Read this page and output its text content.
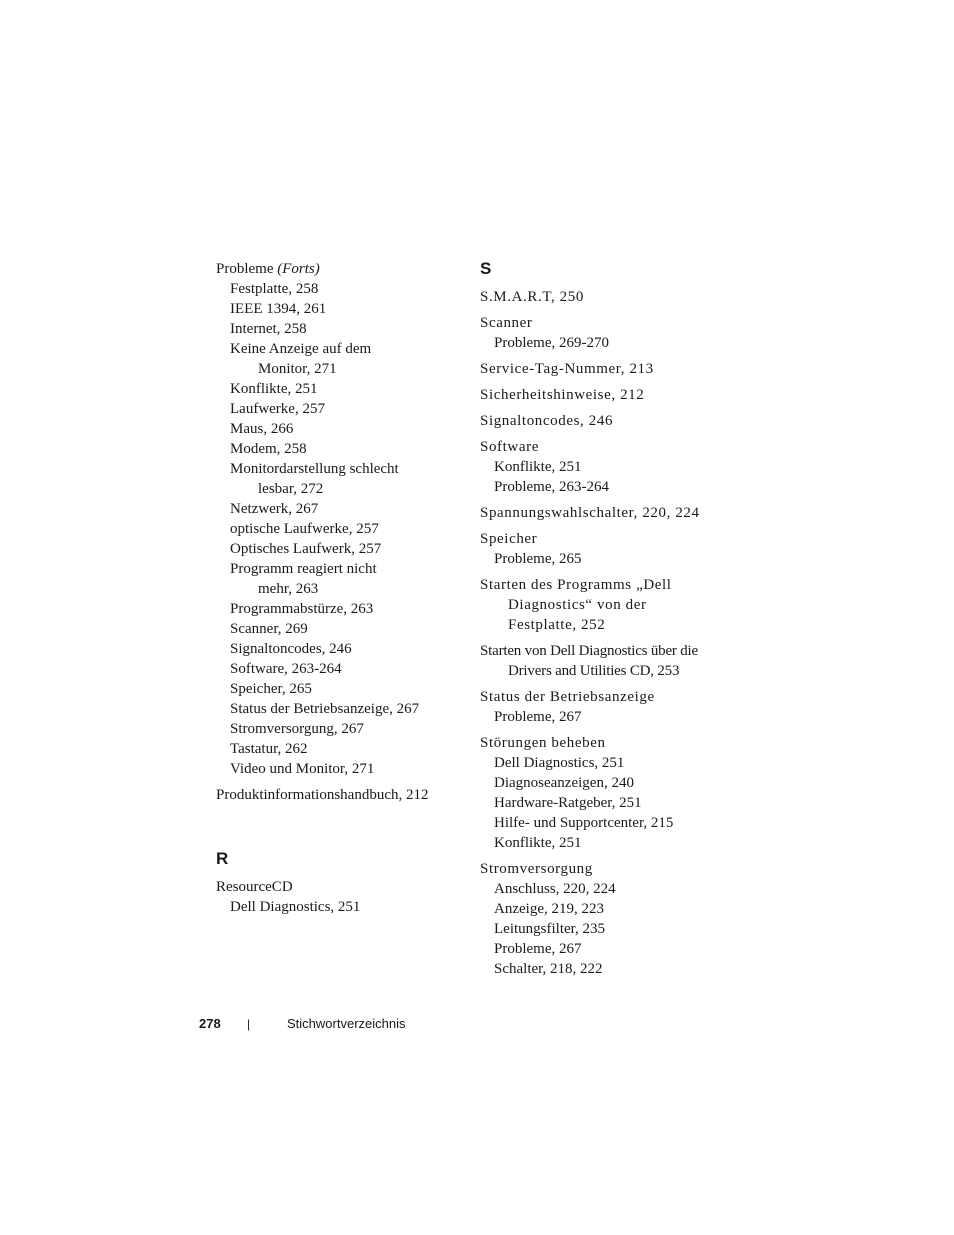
Probleme (Forts)
Festplatte, 258
IEEE 1394, 261
Internet, 258
Keine Anzeige auf dem
Monitor, 271
Konflikte, 251
Laufwerke, 257
Maus, 266
Modem, 258
Monitordarstellung schlecht
lesbar, 272
Netzwerk, 267
optische Laufwerke, 257
Optisches Laufwerk, 257
Programm reagiert nicht
mehr, 263
Programmabstürze, 263
Scanner, 269
Signaltoncodes, 246
Software, 263-264
Speicher, 265
Status der Betriebsanzeige, 267
Stromversorgung, 267
Tastatur, 262
Video und Monitor, 271
Produktinformationshandbuch, 212
R
ResourceCD
Dell Diagnostics, 251
S
S.M.A.R.T, 250
Scanner
Probleme, 269-270
Service-Tag-Nummer, 213
Sicherheitshinweise, 212
Signaltoncodes, 246
Software
Konflikte, 251
Probleme, 263-264
Spannungswahlschalter, 220, 224
Speicher
Probleme, 265
Starten des Programms „Dell
Diagnostics“ von der
Festplatte, 252
Starten von Dell Diagnostics über die
Drivers and Utilities CD, 253
Status der Betriebsanzeige
Probleme, 267
Störungen beheben
Dell Diagnostics, 251
Diagnoseanzeigen, 240
Hardware-Ratgeber, 251
Hilfe- und Supportcenter, 215
Konflikte, 251
Stromversorgung
Anschluss, 220, 224
Anzeige, 219, 223
Leitungsfilter, 235
Probleme, 267
Schalter, 218, 222
278	|	Stichwortverzeichnis
